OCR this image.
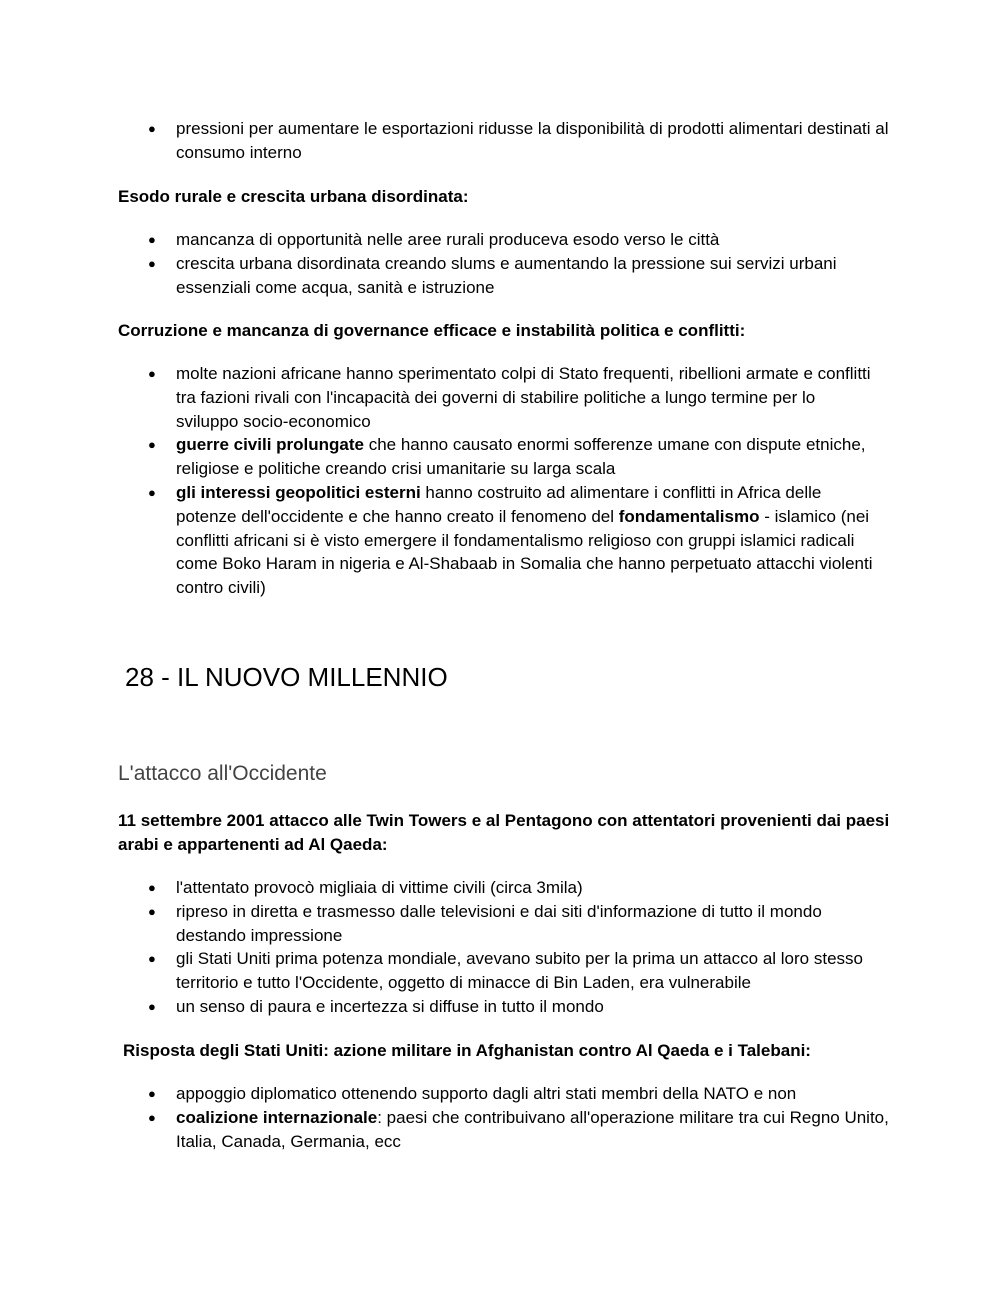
● pressioni per aumentare le esportazioni ridusse la disponibilità di prodotti alimentari destinati al consumo interno

Esodo rurale e crescita urbana disordinata:

● mancanza di opportunità nelle aree rurali produceva esodo verso le città
● crescita urbana disordinata creando slums e aumentando la pressione sui servizi urbani essenziali come acqua, sanità e istruzione

Corruzione e mancanza di governance efficace e instabilità politica e conflitti:

● molte nazioni africane hanno sperimentato colpi di Stato frequenti, ribellioni armate e conflitti tra fazioni rivali con l'incapacità dei governi di stabilire politiche a lungo termine per lo sviluppo socio-economico
● guerre civili prolungate che hanno causato enormi sofferenze umane con dispute etniche, religiose e politiche creando crisi umanitarie su larga scala
● gli interessi geopolitici esterni hanno costruito ad alimentare i conflitti in Africa delle potenze dell'occidente e che hanno creato il fenomeno del fondamentalismo - islamico (nei conflitti africani si è visto emergere il fondamentalismo religioso con gruppi islamici radicali come Boko Haram in nigeria e Al-Shabaab in Somalia che hanno perpetuato attacchi violenti contro civili)
28 - IL NUOVO MILLENNIO
L'attacco all'Occidente

11 settembre 2001 attacco alle Twin Towers e al Pentagono con attentatori provenienti dai paesi arabi e appartenenti ad Al Qaeda:

● l'attentato provocò migliaia di vittime civili (circa 3mila)
● ripreso in diretta e trasmesso dalle televisioni e dai siti d'informazione di tutto il mondo destando impressione
● gli Stati Uniti prima potenza mondiale, avevano subito per la prima un attacco al loro stesso territorio e tutto l'Occidente, oggetto di minacce di Bin Laden, era vulnerabile
● un senso di paura e incertezza si diffuse in tutto il mondo

Risposta degli Stati Uniti: azione militare in Afghanistan contro Al Qaeda e i Talebani:

● appoggio diplomatico ottenendo supporto dagli altri stati membri della NATO e non
● coalizione internazionale: paesi che contribuivano all'operazione militare tra cui Regno Unito, Italia, Canada, Germania, ecc
